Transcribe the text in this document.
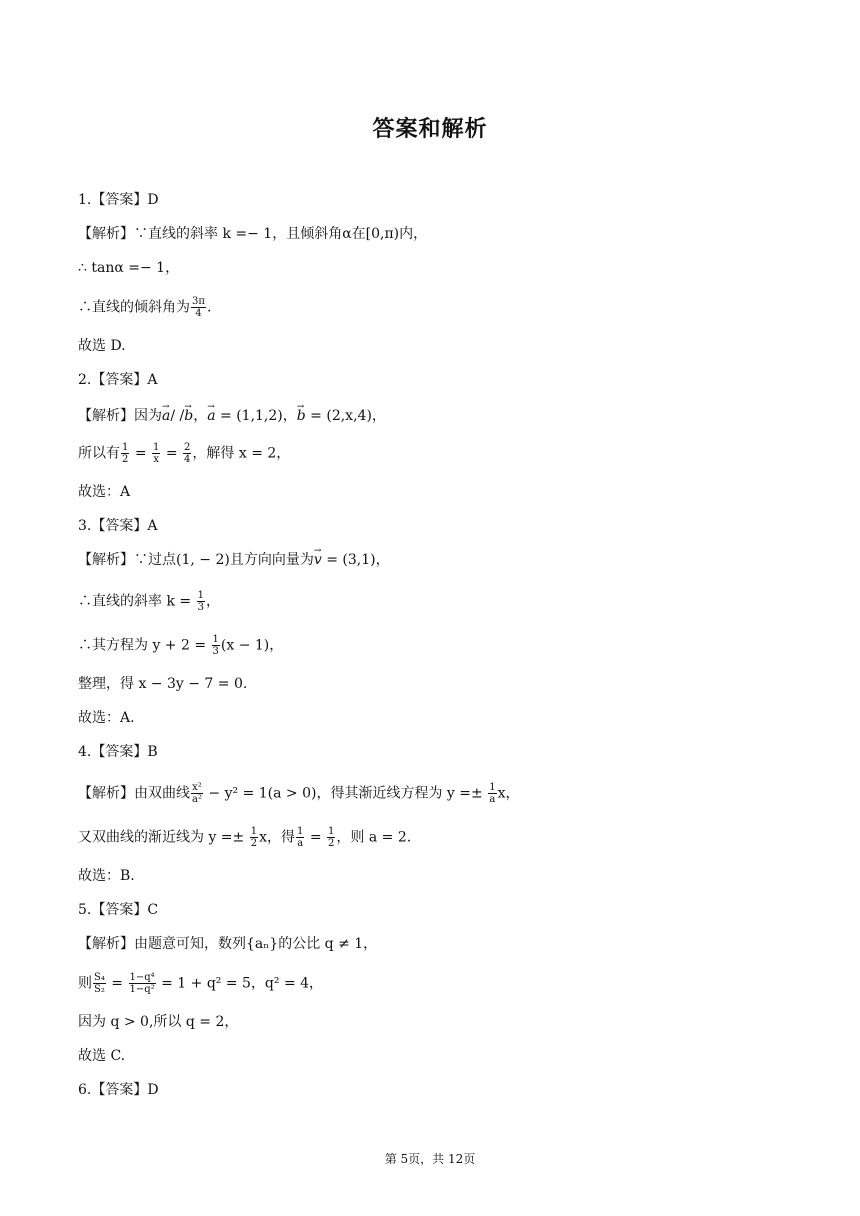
答案和解析
1.【答案】D
【解析】∵直线的斜率 k =− 1，且倾斜角α在[0,π)内，
∴ tanα =− 1，
∴直线的倾斜角为 $\frac{3\pi}{4}$ .
故选 D.
2.【答案】A
【解析】因为→ a/ /→ b，→ a = (1,1,2)，→ b = (2,x,4)，
所以有 $\frac{1}{2} = \frac{1}{x} = \frac{2}{4}$ ，解得 x = 2，
故选：A
3.【答案】A
【解析】∵过点(1, − 2)且方向向量为→ v = (3,1)，
∴直线的斜率 $k = \frac{1}{3}$ ，
∴其方程为 $y + 2 = \frac{1}{3} (x - 1)$，
整理，得 x − 3y − 7 = 0.
故选：A.
4.【答案】B
【解析】由双曲线 $\frac{\text{x²}}{\text{a²}} - y^2 = 1(a > 0)$，得其渐近线方程为 $y =\pm \frac{1}{a}$ x，
又双曲线的渐近线为 $y =\pm \frac{1}{2}$ x，得 $\frac{1}{a} = \frac{1}{2}$ ，则 a = 2.
故选：B.
5.【答案】C
【解析】由题意可知，数列{aₙ}的公比 q ≠ 1，
则 $\frac{\text{S₄}}{\text{S₂}} = \frac{\text{1−q⁴}}{\text{1−q²}} = 1 + q^2 = 5$，q² = 4，
因为 q > 0,所以 q = 2，
故选 C.
6.【答案】D
第 5页，共 12页
